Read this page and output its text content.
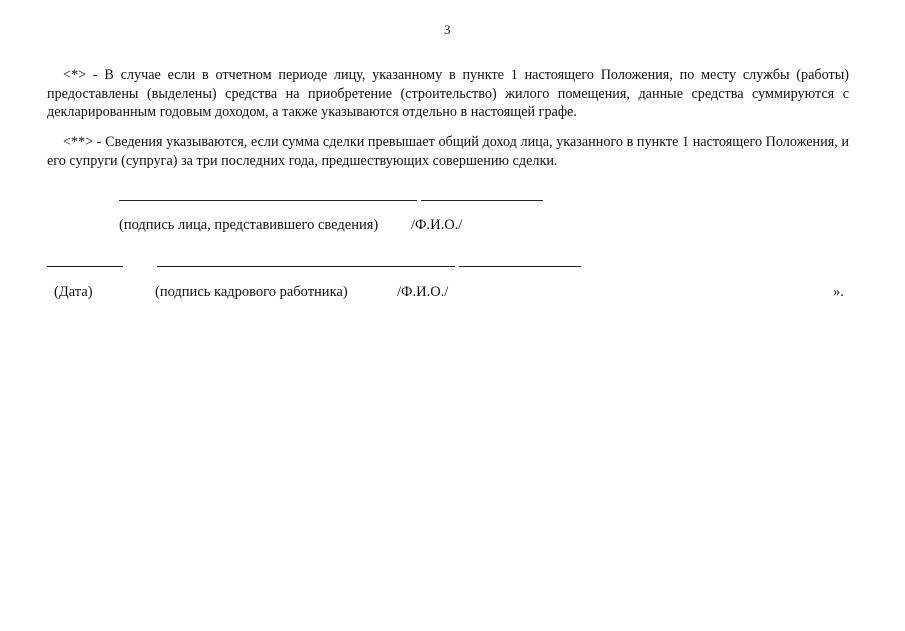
3

<*> - В случае если в отчетном периоде лицу, указанному в пункте 1 настоящего Положения, по месту службы (работы) предоставлены (выделены) средства на приобретение (строительство) жилого помещения, данные средства суммируются с декларированным годовым доходом, а также указываются отдельно в настоящей графе.

<**> - Сведения указываются, если сумма сделки превышает общий доход лица, указанного в пункте 1 настоящего Положения, и его супруги (супруга) за три последних года, предшествующих совершению сделки.

(подпись лица, представившего сведения) /Ф.И.О./
(Дата)	(подпись кадрового работника)	/Ф.И.О./	».
